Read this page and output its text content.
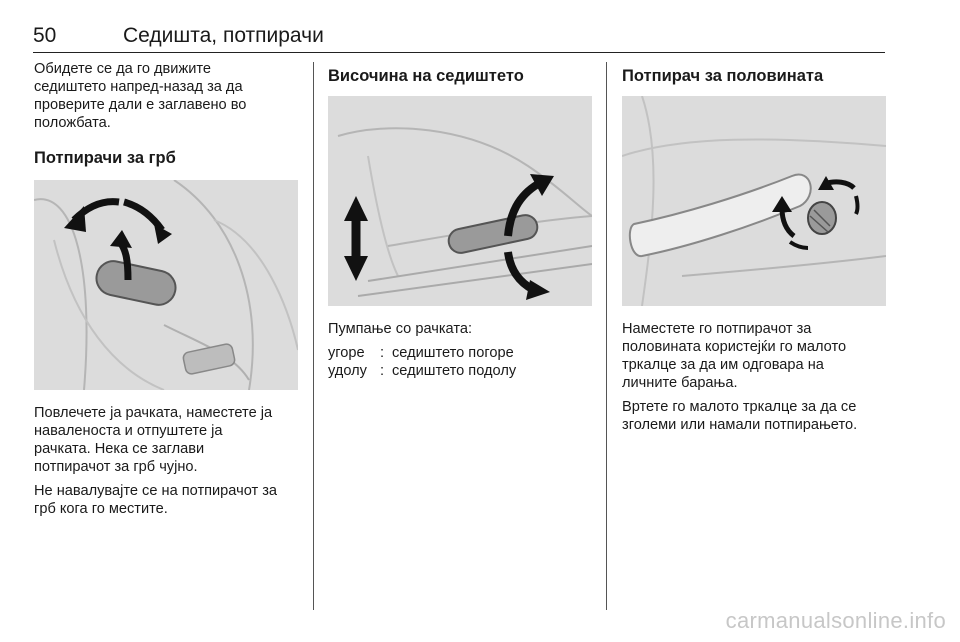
50	Седишта, потпирачи

Обидете се да го движите

седиштето напред-назад за да

проверите дали е заглавено во

положбата.

Потпирачи за грб

Повлечете ја рачката, наместете ја

наваленоста и отпуштете ја

рачката. Нека се заглави

потпирачот за грб чујно.

Не навалувајте се на потпирачот за

грб кога го местите.

Височина на седиштето

Пумпање со рачката:

угоре	: седиштето погоре
удолу : седиштето подолу
Потпирач за половината

Наместете го потпирачот за

половината користејќи го малото

тркалце за да им одговара на

личните барања.

Вртете го малото тркалце за да се

зголеми или намали потпирањето.

carmanualsonline.info
